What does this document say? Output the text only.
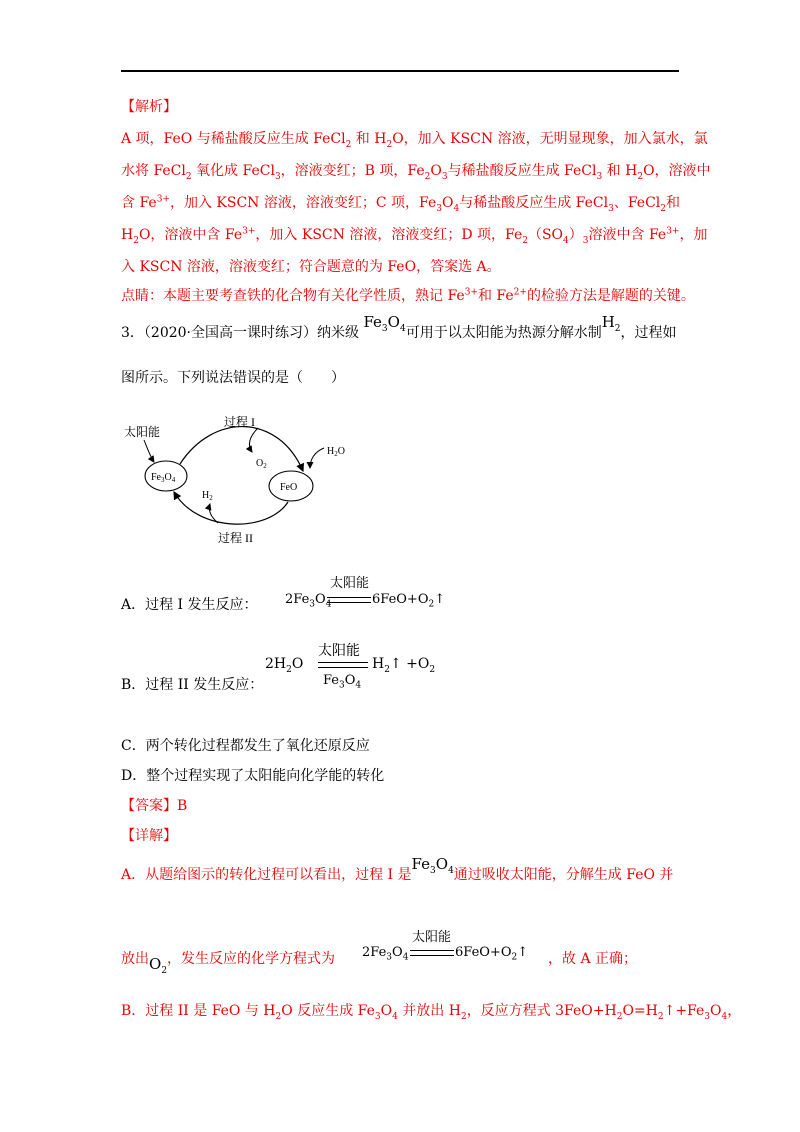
【解析】
A 项，FeO 与稀盐酸反应生成 FeCl$_2$ 和 $H_2O$，加入 KSCN 溶液，无明显现象，加入氯水，氯
水将 FeCl$_2$ 氧化成 FeCl$_3$，溶液变红；B 项，$Fe_2O_3$与稀盐酸反应生成 FeCl$_3$ 和 $H_2O$，溶液中
含 $Fe^{3+}$，加入 KSCN 溶液，溶液变红；C 项，$Fe_3O_4$与稀盐酸反应生成 FeCl$_3$、FeCl$_2$和
$H_2O$，溶液中含 $Fe^{3+}$，加入 KSCN 溶液，溶液变红；D 项，$Fe_2(SO_4)_3$溶液中含 $Fe^{3+}$，加
入 KSCN 溶液，溶液变红；符合题意的为 FeO，答案选 A。
点睛：本题主要考查铁的化合物有关化学性质，熟记 $Fe^{3+}$和 $Fe^{2+}$的检验方法是解题的关键。
3．（2020·全国高一课时练习）纳米级 $Fe_3O_4$可用于以太阳能为热源分解水制$H_2$，过程如
图所示。下列说法错误的是（　　）
$Fe_3O_4$
FeO
$O_2$
$H_2$
太阳能
$H_2O$
过程 I
过程 II
A．过程 I 发生反应： $2Fe_3O_4$
太阳能
$6FeO+O_2↑$
B．过程 II 发生反应：
$2H_2O$
太阳能
$Fe_3O_4$
$H_2↑ +O_2$
C．两个转化过程都发生了氧化还原反应
D．整个过程实现了太阳能向化学能的转化
【答案】B
【详解】
A．从题给图示的转化过程可以看出，过程 I 是$Fe_3O_4$通过吸收太阳能，分解生成 FeO 并
放出$O_2$，发生反应的化学方程式为 $2Fe_3O_4$
太阳能
$6FeO+O_2↑$ ，故 A 正确；
B．过程 II 是 FeO 与 $H_2O$ 反应生成 $Fe_3O_4$ 并放出 $H_2$，反应方程式 $3FeO+H_2O=H_2↑+Fe_3O_4$，
